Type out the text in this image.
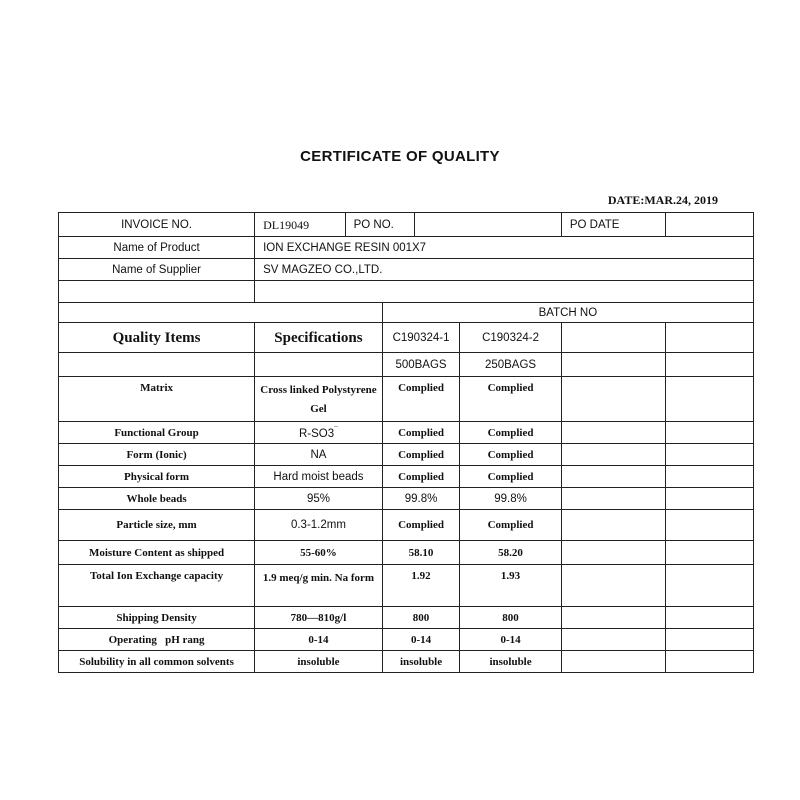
CERTIFICATE OF QUALITY
DATE:MAR.24, 2019
INVOICE NO.	DL19049	PO NO.				PO DATE	
Name of Product	ION EXCHANGE RESIN 001X7						
Name of Supplier	SV MAGZEO CO.,LTD.						

			BATCH NO				
Quality Items	Specifications		C190324-1		C190324-2		
			500BAGS		250BAGS		
Matrix	Cross linked Polystyrene Gel		Complied		Complied		
Functional Group	R-SO3¯		Complied		Complied		
Form (Ionic)	NA		Complied		Complied		
Physical form	Hard moist beads		Complied		Complied		
Whole beads	95%		99.8%		99.8%		
Particle size, mm	0.3-1.2mm		Complied		Complied		
Moisture Content as shipped	55-60%		58.10		58.20		
Total Ion Exchange capacity	1.9 meq/g min. Na form		1.92		1.93		
Shipping Density	780—810g/l		800		800		
Operating   pH rang	0-14		0-14		0-14		
Solubility in all common solvents	insoluble		insoluble		insoluble		
